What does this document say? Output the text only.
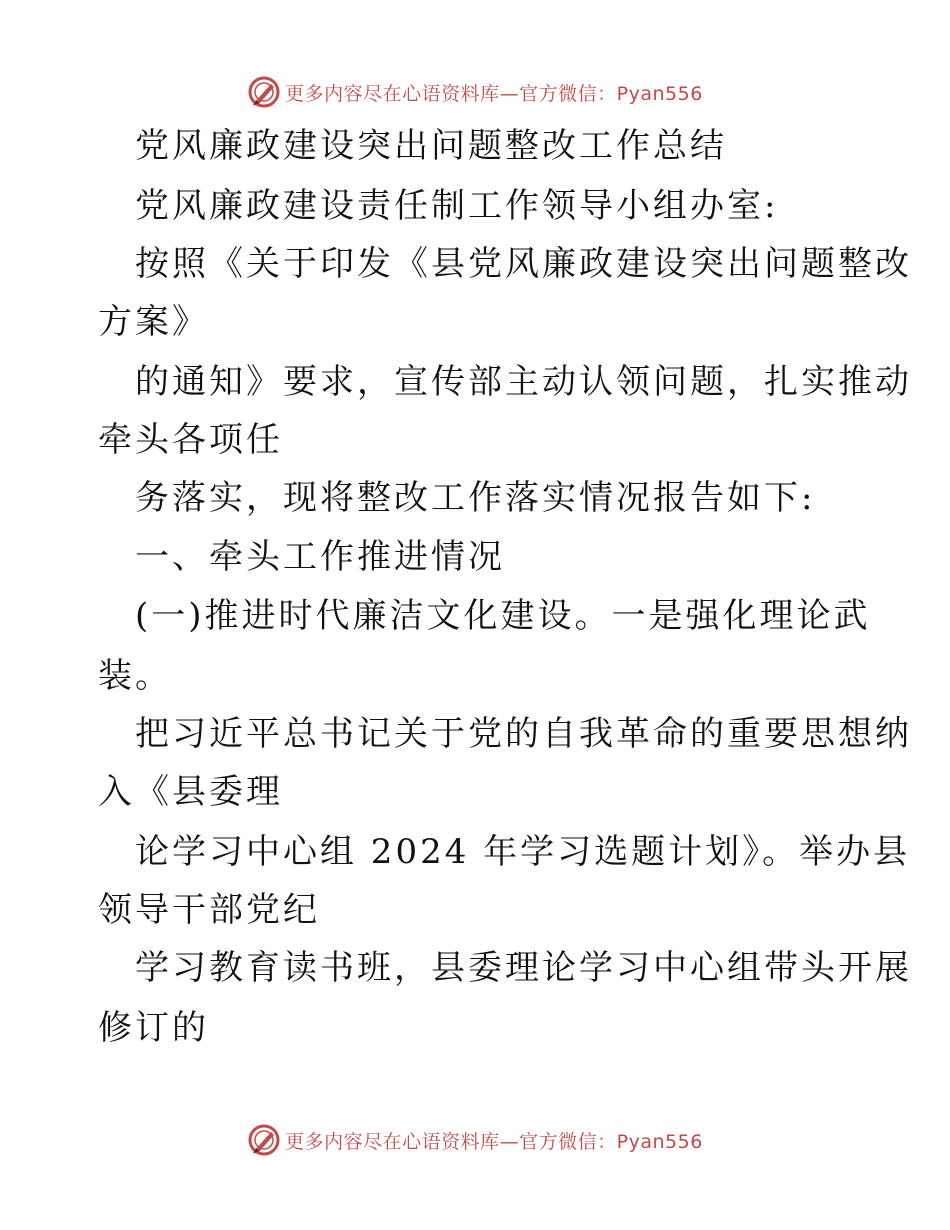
更多内容尽在心语资料库—官方微信：Pyan556
党风廉政建设突出问题整改工作总结
党风廉政建设责任制工作领导小组办室:
按照《关于印发《县党风廉政建设突出问题整改
方案》
的通知》要求，宣传部主动认领问题，扎实推动
牵头各项任
务落实，现将整改工作落实情况报告如下:
一、牵头工作推进情况
(一)推进时代廉洁文化建设。一是强化理论武
装。
把习近平总书记关于党的自我革命的重要思想纳
入《县委理
论学习中心组 2024 年学习选题计划》。举办县
领导干部党纪
学习教育读书班，县委理论学习中心组带头开展
修订的
更多内容尽在心语资料库—官方微信：Pyan556
